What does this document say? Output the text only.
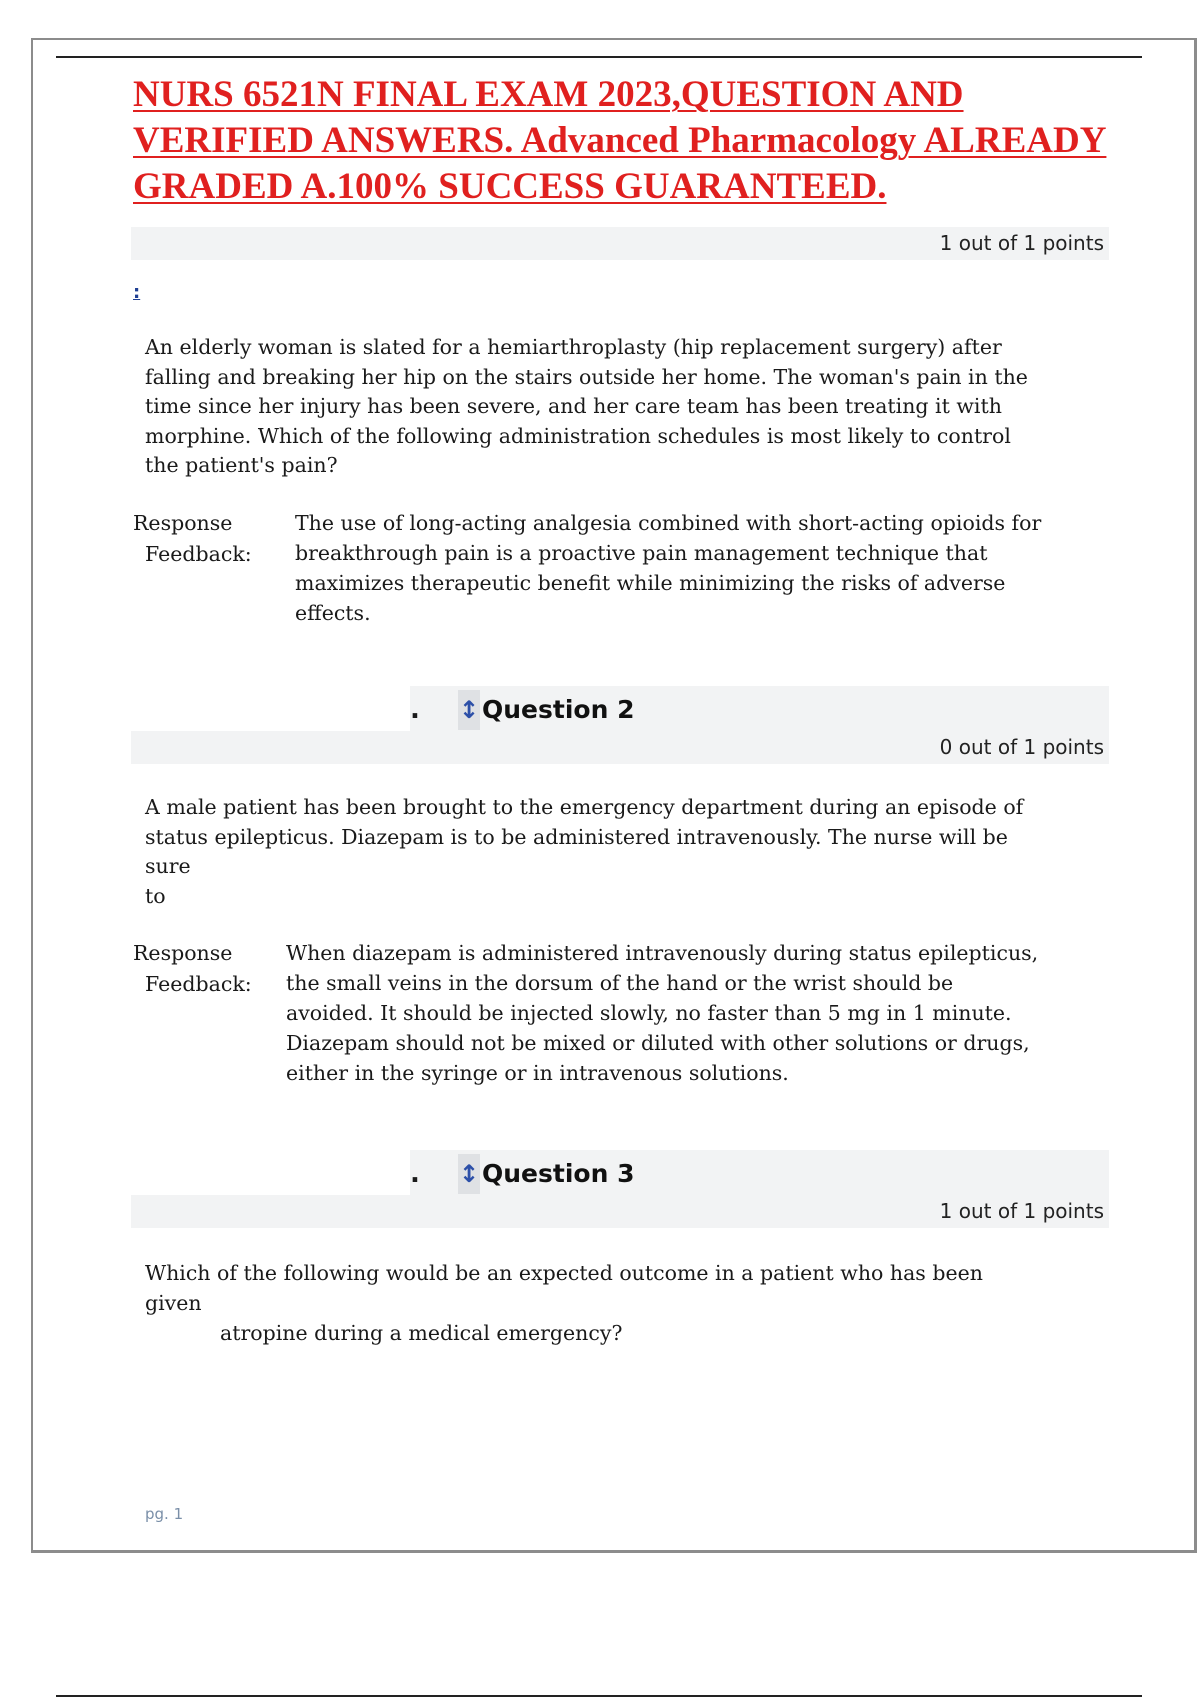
NURS 6521N FINAL EXAM 2023,QUESTION AND VERIFIED ANSWERS. Advanced Pharmacology ALREADY GRADED A.100% SUCCESS GUARANTEED.
1 out of 1 points
:

An elderly woman is slated for a hemiarthroplasty (hip replacement surgery) after falling and breaking her hip on the stairs outside her home. The woman's pain in the time since her injury has been severe, and her care team has been treating it with morphine. Which of the following administration schedules is most likely to control the patient's pain?

Response
Feedback:

The use of long-acting analgesia combined with short-acting opioids for breakthrough pain is a proactive pain management technique that maximizes therapeutic benefit while minimizing the risks of adverse effects.

.	↕ Question 2
0 out of 1 points

A male patient has been brought to the emergency department during an episode of status epilepticus. Diazepam is to be administered intravenously. The nurse will be sure
to

Response
Feedback:

When diazepam is administered intravenously during status epilepticus, the small veins in the dorsum of the hand or the wrist should be avoided. It should be injected slowly, no faster than 5 mg in 1 minute. Diazepam should not be mixed or diluted with other solutions or drugs, either in the syringe or in intravenous solutions.

.	↕ Question 3
1 out of 1 points
Which of the following would be an expected outcome in a patient who has been given
atropine during a medical emergency?
pg. 1
